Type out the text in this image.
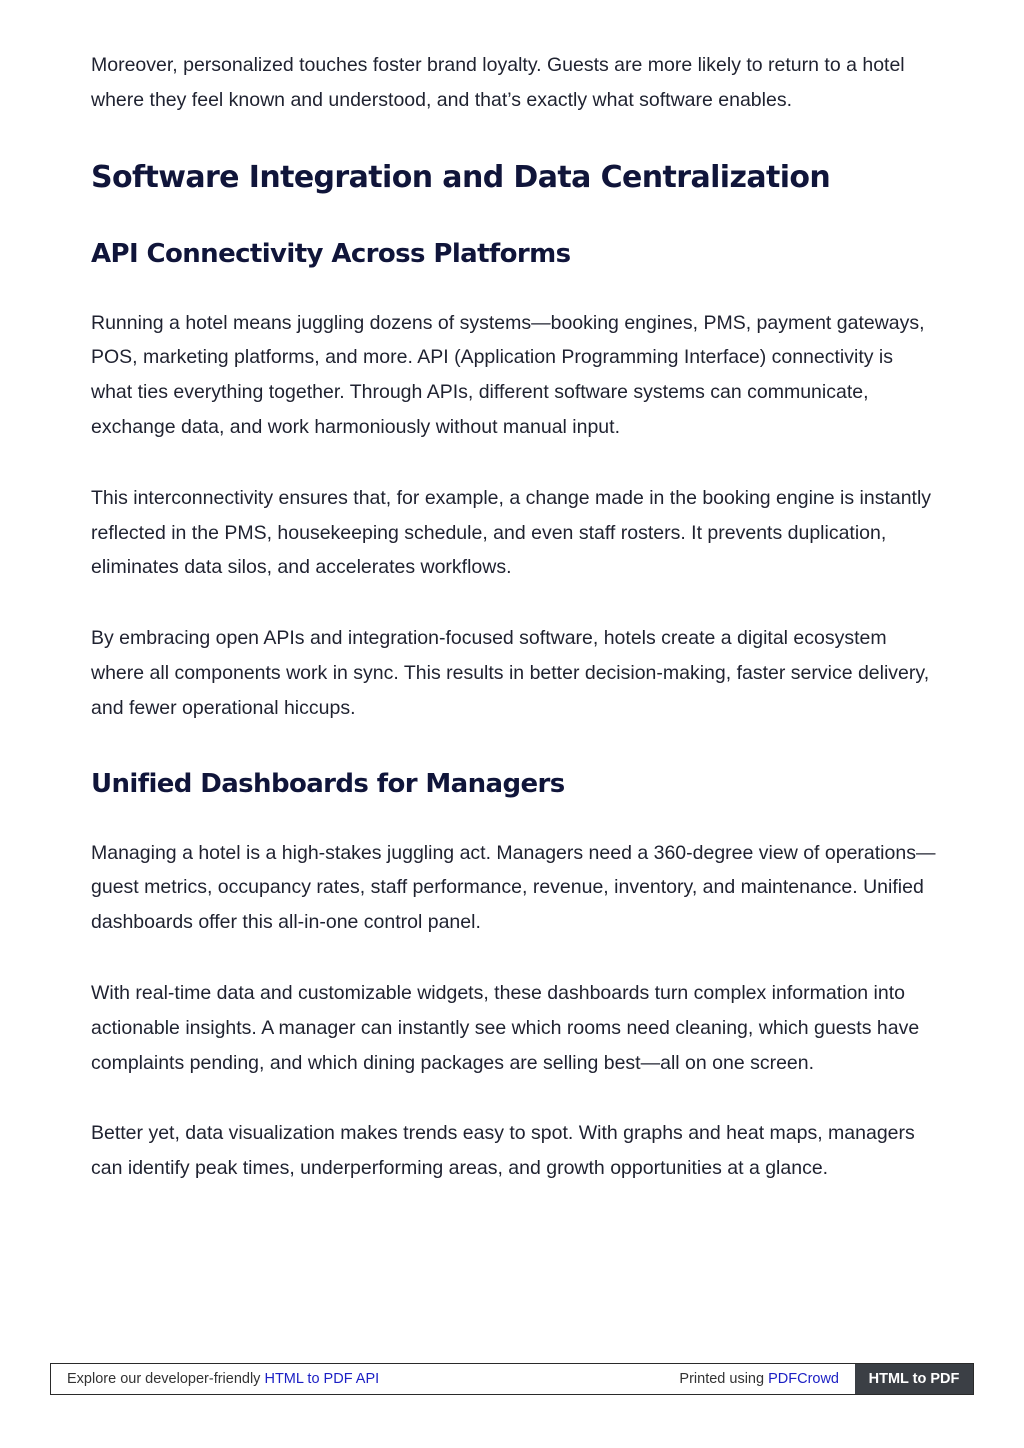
Moreover, personalized touches foster brand loyalty. Guests are more likely to return to a hotel where they feel known and understood, and that’s exactly what software enables.

Software Integration and Data Centralization
API Connectivity Across Platforms

Running a hotel means juggling dozens of systems—booking engines, PMS, payment gateways, POS, marketing platforms, and more. API (Application Programming Interface) connectivity is what ties everything together. Through APIs, different software systems can communicate, exchange data, and work harmoniously without manual input.

This interconnectivity ensures that, for example, a change made in the booking engine is instantly reflected in the PMS, housekeeping schedule, and even staff rosters. It prevents duplication, eliminates data silos, and accelerates workflows.

By embracing open APIs and integration-focused software, hotels create a digital ecosystem where all components work in sync. This results in better decision-making, faster service delivery, and fewer operational hiccups.

Unified Dashboards for Managers

Managing a hotel is a high-stakes juggling act. Managers need a 360-degree view of operations—guest metrics, occupancy rates, staff performance, revenue, inventory, and maintenance. Unified dashboards offer this all-in-one control panel.

With real-time data and customizable widgets, these dashboards turn complex information into actionable insights. A manager can instantly see which rooms need cleaning, which guests have complaints pending, and which dining packages are selling best—all on one screen.

Better yet, data visualization makes trends easy to spot. With graphs and heat maps, managers can identify peak times, underperforming areas, and growth opportunities at a glance.

Explore our developer-friendly HTML to PDF API	Printed using PDFCrowd	HTML to PDF
